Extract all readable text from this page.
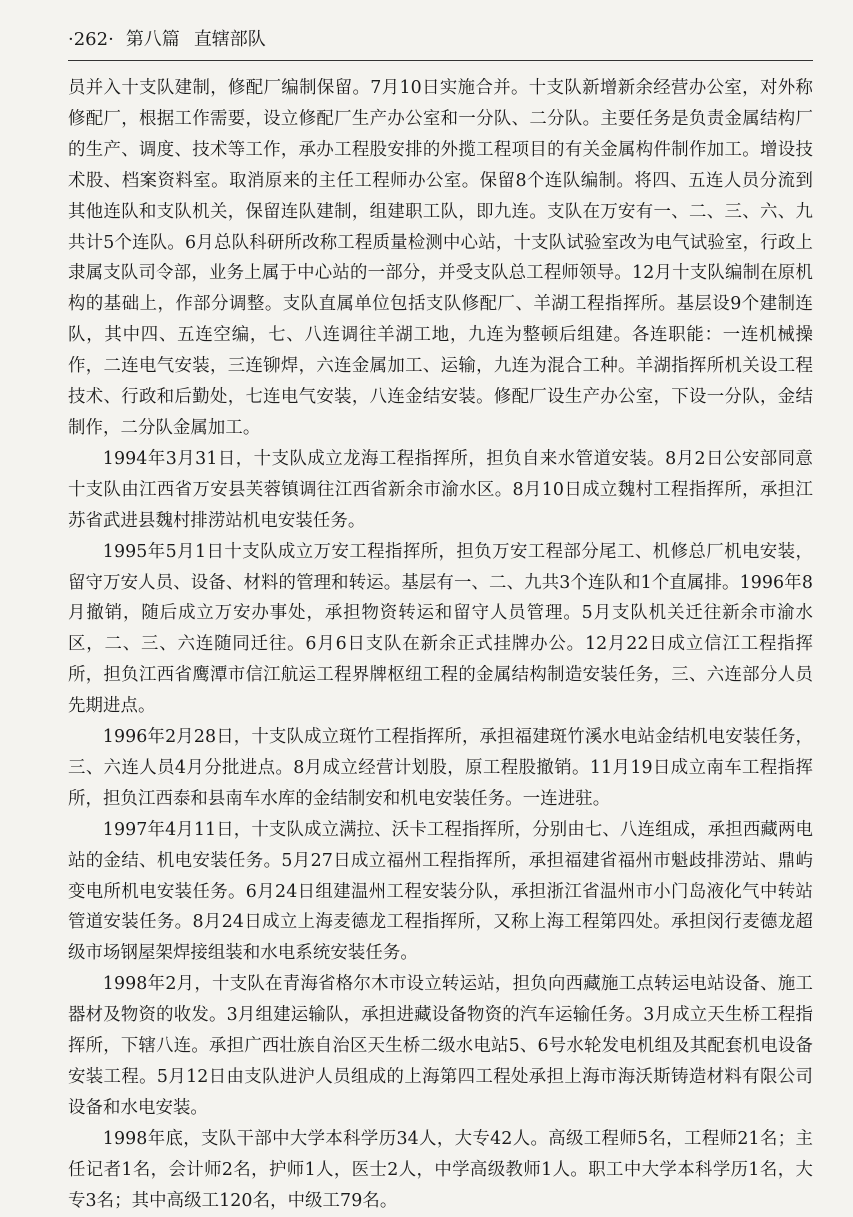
·262· 第八篇 直辖部队

员并入十支队建制，修配厂编制保留。7月10日实施合并。十支队新增新余经营办公室，对外称修配厂，根据工作需要，设立修配厂生产办公室和一分队、二分队。主要任务是负责金属结构厂的生产、调度、技术等工作，承办工程股安排的外揽工程项目的有关金属构件制作加工。增设技术股、档案资料室。取消原来的主任工程师办公室。保留8个连队编制。将四、五连人员分流到其他连队和支队机关，保留连队建制，组建职工队，即九连。支队在万安有一、二、三、六、九共计5个连队。6月总队科研所改称工程质量检测中心站，十支队试验室改为电气试验室，行政上隶属支队司令部，业务上属于中心站的一部分，并受支队总工程师领导。12月十支队编制在原机构的基础上，作部分调整。支队直属单位包括支队修配厂、羊湖工程指挥所。基层设9个建制连队，其中四、五连空编，七、八连调往羊湖工地，九连为整顿后组建。各连职能：一连机械操作，二连电气安装，三连铆焊，六连金属加工、运输，九连为混合工种。羊湖指挥所机关设工程技术、行政和后勤处，七连电气安装，八连金结安装。修配厂设生产办公室，下设一分队，金结制作，二分队金属加工。

1994年3月31日，十支队成立龙海工程指挥所，担负自来水管道安装。8月2日公安部同意十支队由江西省万安县芙蓉镇调往江西省新余市渝水区。8月10日成立魏村工程指挥所，承担江苏省武进县魏村排涝站机电安装任务。

1995年5月1日十支队成立万安工程指挥所，担负万安工程部分尾工、机修总厂机电安装，留守万安人员、设备、材料的管理和转运。基层有一、二、九共3个连队和1个直属排。1996年8月撤销，随后成立万安办事处，承担物资转运和留守人员管理。5月支队机关迁往新余市渝水区，二、三、六连随同迁往。6月6日支队在新余正式挂牌办公。12月22日成立信江工程指挥所，担负江西省鹰潭市信江航运工程界牌枢纽工程的金属结构制造安装任务，三、六连部分人员先期进点。

1996年2月28日，十支队成立斑竹工程指挥所，承担福建斑竹溪水电站金结机电安装任务，三、六连人员4月分批进点。8月成立经营计划股，原工程股撤销。11月19日成立南车工程指挥所，担负江西泰和县南车水库的金结制安和机电安装任务。一连进驻。

1997年4月11日，十支队成立满拉、沃卡工程指挥所，分别由七、八连组成，承担西藏两电站的金结、机电安装任务。5月27日成立福州工程指挥所，承担福建省福州市魁歧排涝站、鼎屿变电所机电安装任务。6月24日组建温州工程安装分队，承担浙江省温州市小门岛液化气中转站管道安装任务。8月24日成立上海麦德龙工程指挥所，又称上海工程第四处。承担闵行麦德龙超级市场钢屋架焊接组装和水电系统安装任务。

1998年2月，十支队在青海省格尔木市设立转运站，担负向西藏施工点转运电站设备、施工器材及物资的收发。3月组建运输队，承担进藏设备物资的汽车运输任务。3月成立天生桥工程指挥所，下辖八连。承担广西壮族自治区天生桥二级水电站5、6号水轮发电机组及其配套机电设备安装工程。5月12日由支队进沪人员组成的上海第四工程处承担上海市海沃斯铸造材料有限公司设备和水电安装。

1998年底，支队干部中大学本科学历34人，大专42人。高级工程师5名，工程师21名；主任记者1名，会计师2名，护师1人，医士2人，中学高级教师1人。职工中大学本科学历1名，大专3名；其中高级工120名，中级工79名。
